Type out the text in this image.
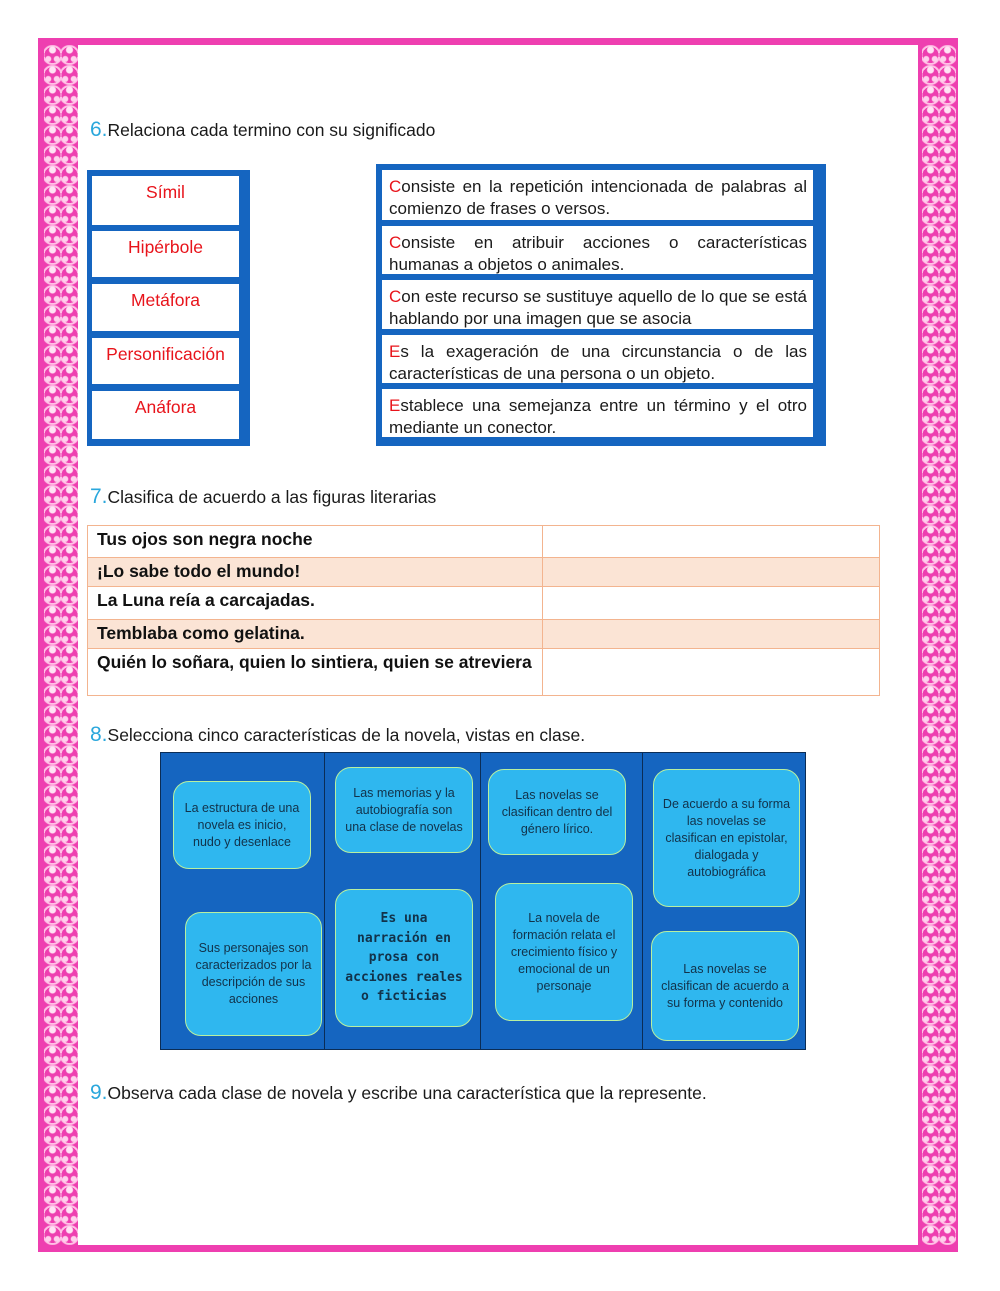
6.Relaciona cada termino con su significado
Símil
Hipérbole
Metáfora
Personificación
Anáfora
Consiste en la repetición intencionada de palabras al comienzo de frases o versos.
Consiste en atribuir acciones o características humanas a objetos o animales.
Con este recurso se sustituye aquello de lo que se está hablando por una imagen que se asocia
Es la exageración de una circunstancia o de las características de una persona o un objeto.
Establece una semejanza entre un término y el otro mediante un conector.
7.Clasifica de acuerdo a las figuras literarias
Tus ojos son negra noche	
¡Lo sabe todo el mundo!	
La Luna reía a carcajadas.	
Temblaba como gelatina.	
Quién lo soñara, quien lo sintiera, quien se atreviera	
8.Selecciona cinco características de la novela, vistas en clase.
La estructura de una novela es inicio, nudo y desenlace
Sus personajes son caracterizados por la descripción de sus acciones
Las memorias y la autobiografía son una clase de novelas
Es una narración en prosa con acciones reales o ficticias
Las novelas se clasifican dentro del género lírico.
La novela de formación relata el crecimiento físico y emocional de un personaje
De acuerdo a su forma las novelas se clasifican en epistolar, dialogada y autobiográfica
Las novelas se clasifican de acuerdo a su forma y contenido
9.Observa cada clase de novela y escribe una característica que la represente.
